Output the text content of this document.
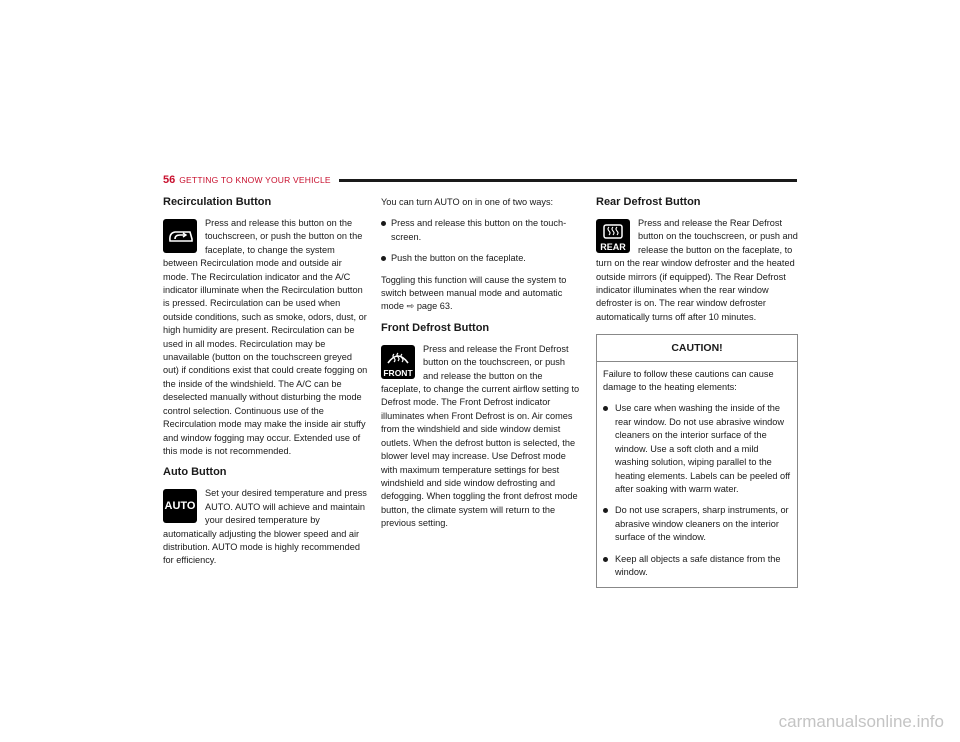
56 GETTING TO KNOW YOUR VEHICLE
Recirculation Button

Press and release this button on the touchscreen, or push the button on the faceplate, to change the system between Recirculation mode and outside air mode. The Recirculation indicator and the A/C indicator illuminate when the Recirculation button is pressed. Recirculation can be used when outside conditions, such as smoke, odors, dust, or high humidity are present. Recirculation can be used in all modes. Recirculation may be unavailable (button on the touchscreen greyed out) if conditions exist that could create fogging on the inside of the windshield. The A/C can be deselected manually without disturbing the mode control selection. Continuous use of the Recirculation mode may make the inside air stuffy and window fogging may occur. Extended use of this mode is not recommended.

Auto Button
AUTO

Set your desired temperature and press AUTO. AUTO will achieve and maintain your desired temperature by automatically adjusting the blower speed and air distribution. AUTO mode is highly recommended for efficiency.

You can turn AUTO on in one of two ways:

Press and release this button on the touch-screen.
Push the button on the faceplate.

Toggling this function will cause the system to switch between manual mode and automatic mode ⇨ page 63.

Front Defrost Button
FRONT

Press and release the Front Defrost button on the touchscreen, or push and release the button on the faceplate, to change the current airflow setting to Defrost mode. The Front Defrost indicator illuminates when Front Defrost is on. Air comes from the windshield and side window demist outlets. When the defrost button is selected, the blower level may increase. Use Defrost mode with maximum temperature settings for best windshield and side window defrosting and defogging. When toggling the front defrost mode button, the climate system will return to the previous setting.

Rear Defrost Button
REAR

Press and release the Rear Defrost button on the touchscreen, or push and release the button on the faceplate, to turn on the rear window defroster and the heated outside mirrors (if equipped). The Rear Defrost indicator illuminates when the rear window defroster is on. The rear window defroster automatically turns off after 10 minutes.

CAUTION!

Failure to follow these cautions can cause damage to the heating elements:

Use care when washing the inside of the rear window. Do not use abrasive window cleaners on the interior surface of the window. Use a soft cloth and a mild washing solution, wiping parallel to the heating elements. Labels can be peeled off after soaking with warm water.
Do not use scrapers, sharp instruments, or abrasive window cleaners on the interior surface of the window.
Keep all objects a safe distance from the window.
carmanualsonline.info
